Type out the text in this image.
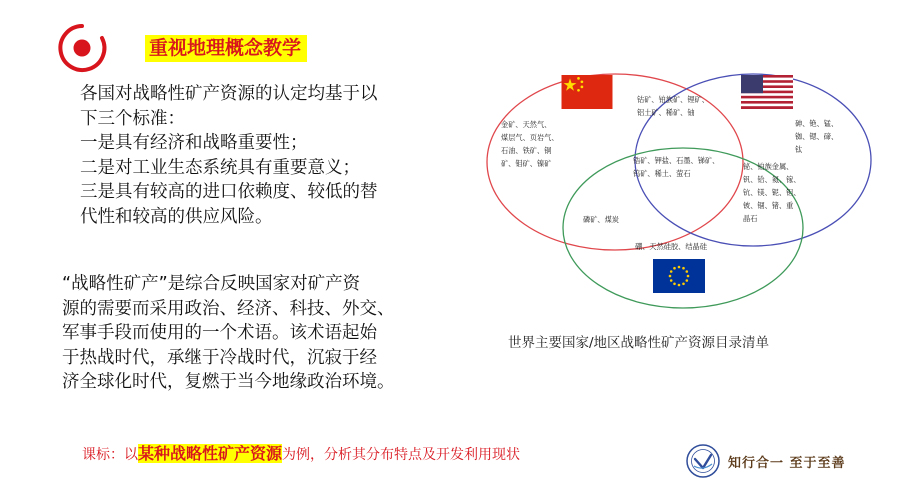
重视地理概念教学
各国对战略性矿产资源的认定均基于以
下三个标准：
一是具有经济和战略重要性；
二是对工业生态系统具有重要意义；
三是具有较高的进口依赖度、较低的替
代性和较高的供应风险。
“战略性矿产”是综合反映国家对矿产资
源的需要而采用政治、经济、科技、外交、
军事手段而使用的一个术语。该术语起始
于热战时代，承继于冷战时代，沉寂于经
济全球化时代，复燃于当今地缘政治环境。
金矿、天然气、
煤层气、页岩气、
石油、铁矿、铜
矿、钼矿、镍矿
钴矿、铂族矿、锂矿、
铝土矿、稀矿、铀
砷、铯、锰、
铷、锶、碲、
钛
锆矿、钾盐、石墨、锑矿、
钨矿、稀土、萤石
铋、铂族金属、
钒、铪、氦、镓、
钪、镁、铌、钽、
铍、锢、锗、重
晶石
磷矿、煤炭
硼、天然硅胶、结晶硅
世界主要国家/地区战略性矿产资源目录清单
课标：以某种战略性矿产资源为例，分析其分布特点及开发利用现状
知行合一 至于至善
